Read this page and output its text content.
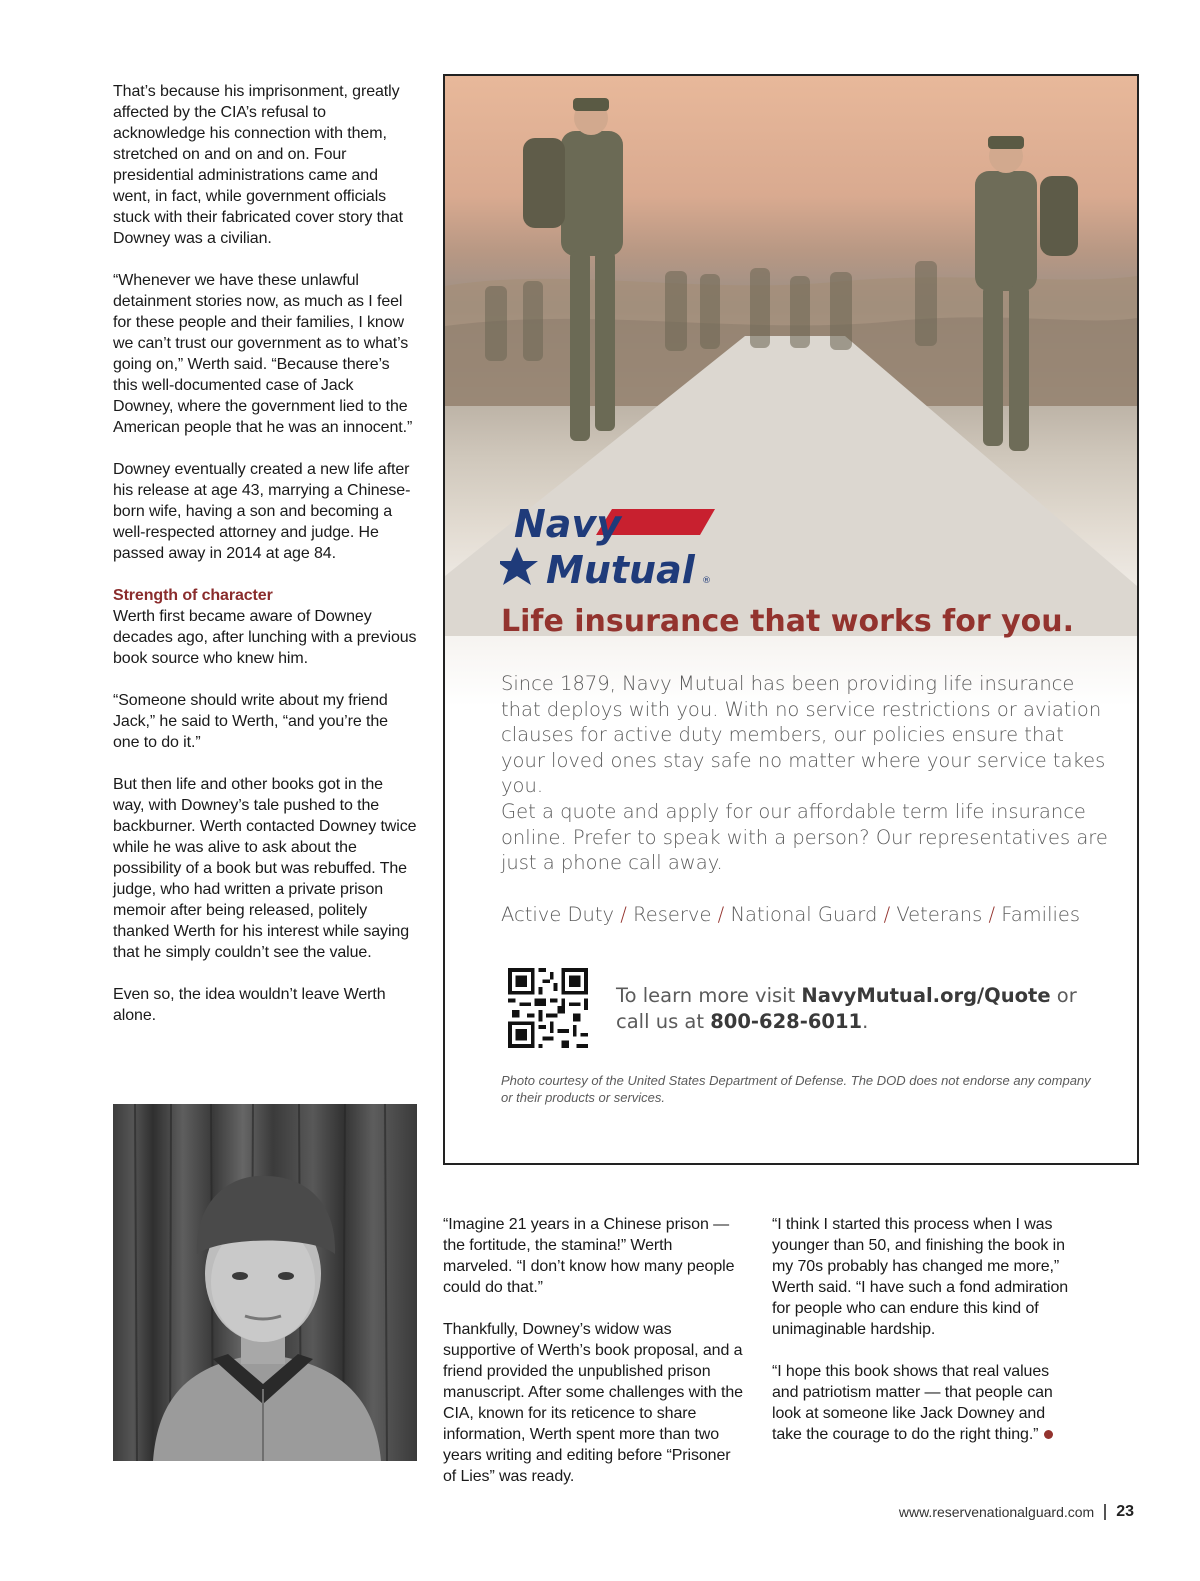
That’s because his imprisonment, greatly affected by the CIA’s refusal to acknowledge his connection with them, stretched on and on and on. Four presidential administrations came and went, in fact, while government officials stuck with their fabricated cover story that Downey was a civilian.

“Whenever we have these unlawful detainment stories now, as much as I feel for these people and their families, I know we can’t trust our government as to what’s going on,” Werth said. “Because there’s this well-documented case of Jack Downey, where the government lied to the American people that he was an innocent.”

Downey eventually created a new life after his release at age 43, marrying a Chinese-born wife, having a son and becoming a well-respected attorney and judge. He passed away in 2014 at age 84.

Strength of character

Werth first became aware of Downey decades ago, after lunching with a previous book source who knew him.

“Someone should write about my friend Jack,” he said to Werth, “and you’re the one to do it.”

But then life and other books got in the way, with Downey’s tale pushed to the backburner. Werth contacted Downey twice while he was alive to ask about the possibility of a book but was rebuffed. The judge, who had written a private prison memoir after being released, politely thanked Werth for his interest while saying that he simply couldn’t see the value.

Even so, the idea wouldn’t leave Werth alone.

Navy
Mutual ®
Life insurance that works for you.

Since 1879, Navy Mutual has been providing life insurance that deploys with you. With no service restrictions or aviation clauses for active duty members, our policies ensure that your loved ones stay safe no matter where your service takes you.

Get a quote and apply for our affordable term life insurance online. Prefer to speak with a person? Our representatives are just a phone call away.

Active Duty / Reserve / National Guard / Veterans / Families

To learn more visit NavyMutual.org/Quote or call us at 800-628-6011.

Photo courtesy of the United States Department of Defense. The DOD does not endorse any company or their products or services.

“Imagine 21 years in a Chinese prison — the fortitude, the stamina!” Werth marveled. “I don’t know how many people could do that.”

Thankfully, Downey’s widow was supportive of Werth’s book proposal, and a friend provided the unpublished prison manuscript. After some challenges with the CIA, known for its reticence to share information, Werth spent more than two years writing and editing before “Prisoner of Lies” was ready.

“I think I started this process when I was younger than 50, and finishing the book in my 70s probably has changed me more,” Werth said. “I have such a fond admiration for people who can endure this kind of unimaginable hardship.

“I hope this book shows that real values and patriotism matter — that people can look at someone like Jack Downey and take the courage to do the right thing.”

www.reservenationalguard.com 23
